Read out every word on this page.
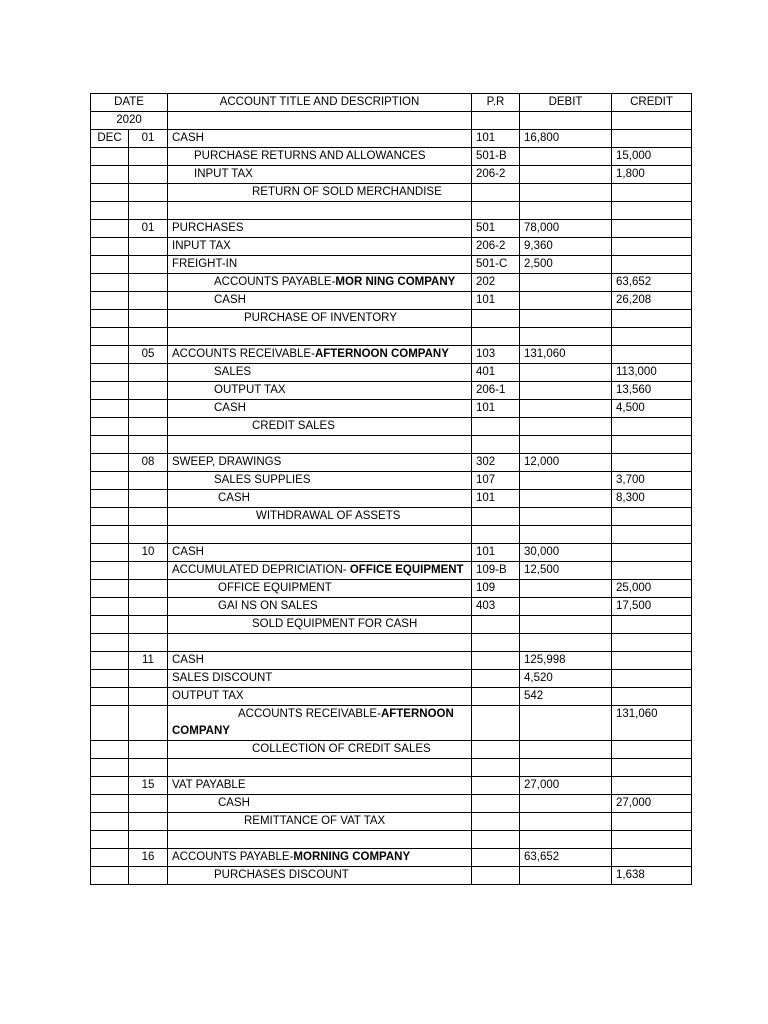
DATE		ACCOUNT TITLE AND DESCRIPTION	P.R	DEBIT	CREDIT
2020					
DEC	01	CASH	101	16,800	
		PURCHASE RETURNS AND ALLOWANCES	501-B		15,000
		INPUT TAX	206-2		1,800
		RETURN OF SOLD MERCHANDISE			

	01	PURCHASES	501	78,000	
		INPUT TAX	206-2	9,360	
		FREIGHT-IN	501-C	2,500	
		ACCOUNTS PAYABLE-MOR NING COMPANY	202		63,652
		CASH	101		26,208
		PURCHASE OF INVENTORY			

	05	ACCOUNTS RECEIVABLE-AFTERNOON COMPANY	103	131,060	
		SALES	401		113,000
		OUTPUT TAX	206-1		13,560
		CASH	101		4,500
		CREDIT SALES			

	08	SWEEP, DRAWINGS	302	12,000	
		SALES SUPPLIES	107		3,700
		CASH	101		8,300
		WITHDRAWAL OF ASSETS			

	10	CASH	101	30,000	
		ACCUMULATED DEPRICIATION- OFFICE EQUIPMENT	109-B	12,500	
		OFFICE EQUIPMENT	109		25,000
		GAI NS ON SALES	403		17,500
		SOLD EQUIPMENT FOR CASH			

	11	CASH		125,998	
		SALES DISCOUNT		4,520	
		OUTPUT TAX		542	
		ACCOUNTS RECEIVABLE-AFTERNOON COMPANY			131,060
		COLLECTION OF CREDIT SALES			

	15	VAT PAYABLE		27,000	
		CASH			27,000
		REMITTANCE OF VAT TAX			

	16	ACCOUNTS PAYABLE-MORNING COMPANY		63,652	
		PURCHASES DISCOUNT			1,638
